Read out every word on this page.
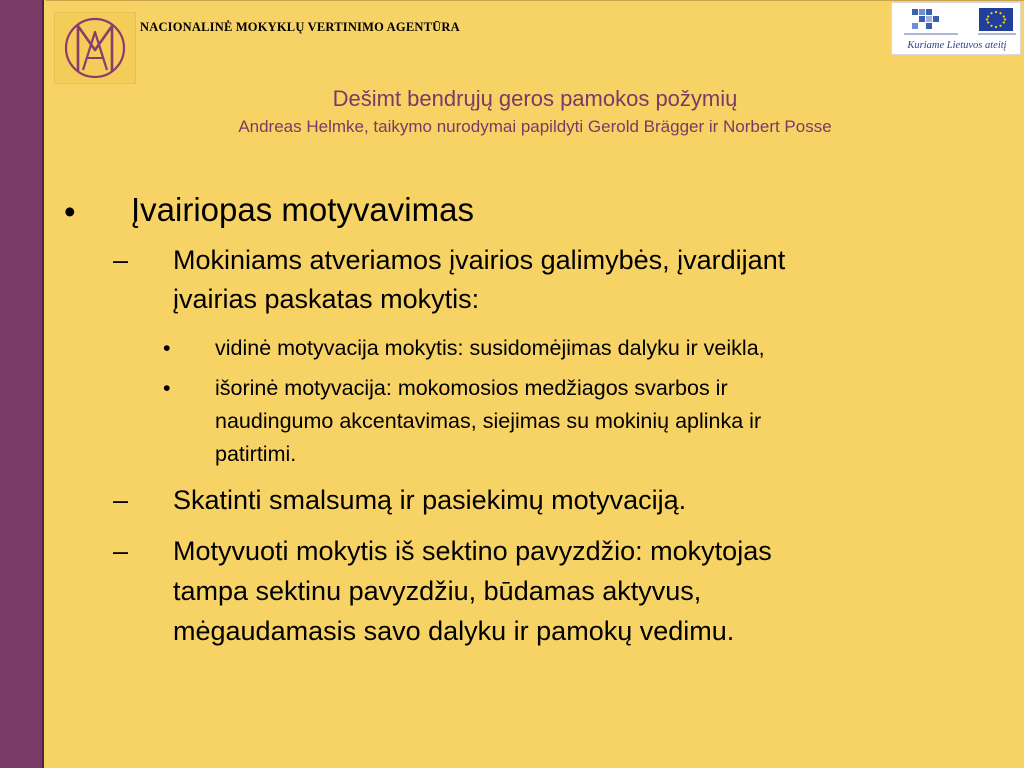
NACIONALINĖ MOKYKLŲ VERTINIMO AGENTŪRA
Kuriame Lietuvos ateitį
Dešimt bendrųjų geros pamokos požymių
Andreas Helmke, taikymo nurodymai papildyti Gerold Brägger ir Norbert Posse
• Įvairiopas motyvavimas
– Mokiniams atveriamos įvairios galimybės, įvardijant
įvairias paskatas mokytis:
• vidinė motyvacija mokytis: susidomėjimas dalyku ir veikla,
• išorinė motyvacija: mokomosios medžiagos svarbos ir
naudingumo akcentavimas, siejimas su mokinių aplinka ir
patirtimi.
– Skatinti smalsumą ir pasiekimų motyvaciją.
– Motyvuoti mokytis iš sektino pavyzdžio: mokytojas
tampa sektinu pavyzdžiu, būdamas aktyvus,
mėgaudamasis savo dalyku ir pamokų vedimu.
